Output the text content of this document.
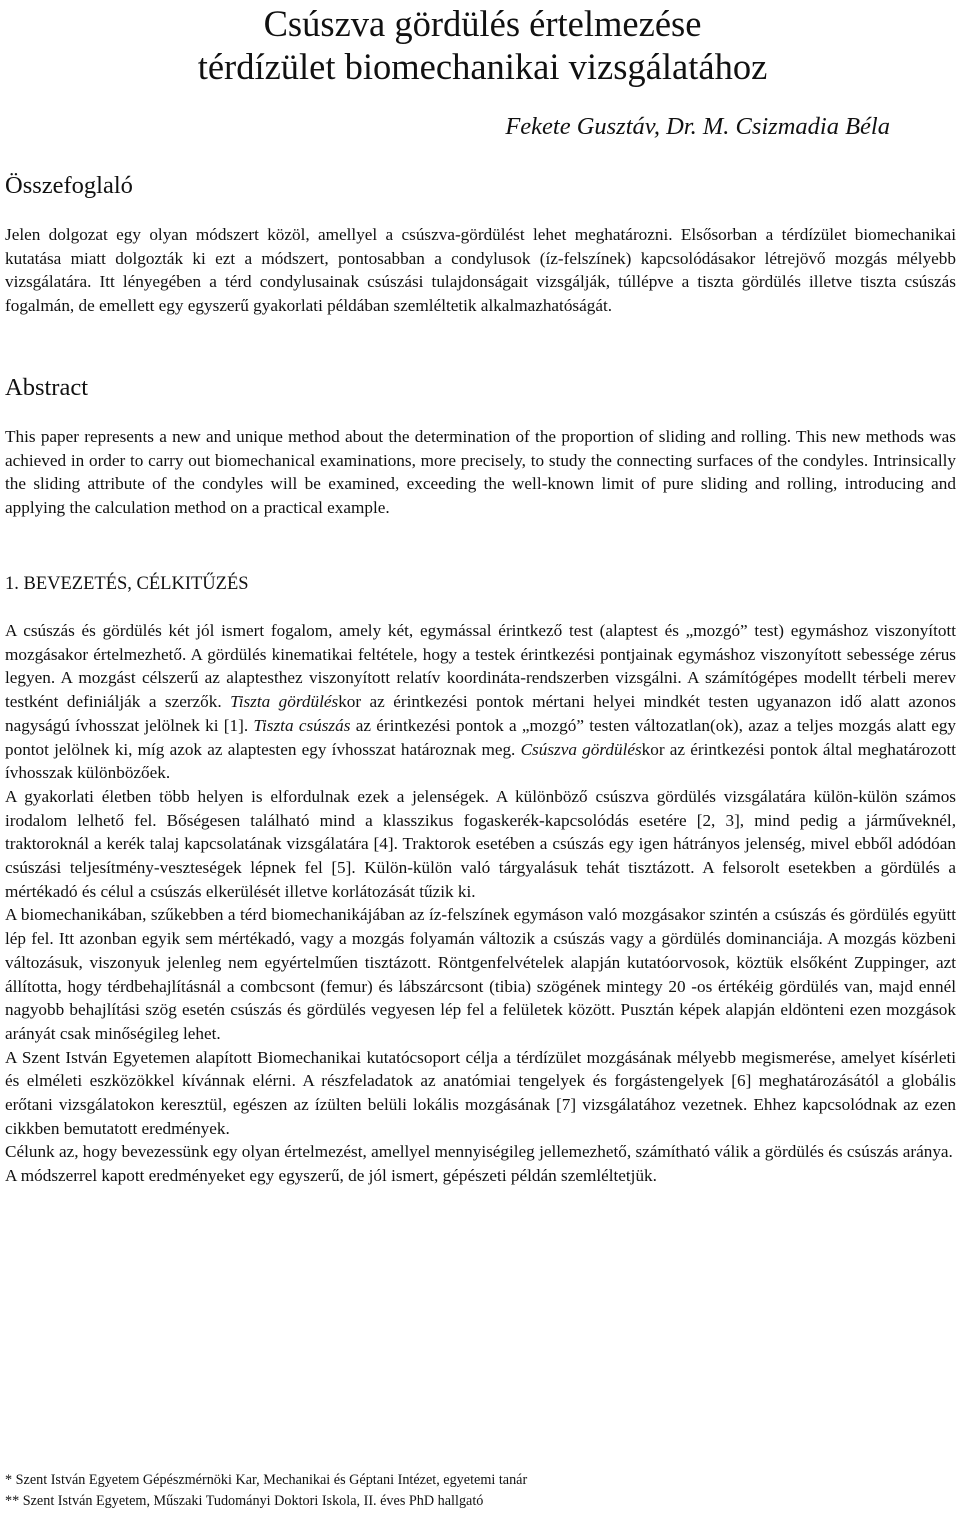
Csúszva gördülés értelmezése
térdízület biomechanikai vizsgálatához
Fekete Gusztáv, Dr. M. Csizmadia Béla
Összefoglaló
Jelen dolgozat egy olyan módszert közöl, amellyel a csúszva-gördülést lehet meghatározni. Elsősorban a térdízület biomechanikai kutatása miatt dolgozták ki ezt a módszert, pontosabban a condylusok (íz-felszínek) kapcsolódásakor létrejövő mozgás mélyebb vizsgálatára. Itt lényegében a térd condylusainak csúszási tulajdonságait vizsgálják, túllépve a tiszta gördülés illetve tiszta csúszás fogalmán, de emellett egy egyszerű gyakorlati példában szemléltetik alkalmazhatóságát.
Abstract
This paper represents a new and unique method about the determination of the proportion of sliding and rolling. This new methods was achieved in order to carry out biomechanical examinations, more precisely, to study the connecting surfaces of the condyles. Intrinsically the sliding attribute of the condyles will be examined, exceeding the well-known limit of pure sliding and rolling, introducing and applying the calculation method on a practical example.
1. BEVEZETÉS, CÉLKITŰZÉS

A csúszás és gördülés két jól ismert fogalom, amely két, egymással érintkező test (alaptest és „mozgó” test) egymáshoz viszonyított mozgásakor értelmezhető. A gördülés kinematikai feltétele, hogy a testek érintkezési pontjainak egymáshoz viszonyított sebessége zérus legyen. A mozgást célszerű az alaptesthez viszonyított relatív koordináta-rendszerben vizsgálni. A számítógépes modellt térbeli merev testként definiálják a szerzők. Tiszta gördüléskor az érintkezési pontok mértani helyei mindkét testen ugyanazon idő alatt azonos nagyságú ívhosszat jelölnek ki [1]. Tiszta csúszás az érintkezési pontok a „mozgó” testen változatlan(ok), azaz a teljes mozgás alatt egy pontot jelölnek ki, míg azok az alaptesten egy ívhosszat határoznak meg. Csúszva gördüléskor az érintkezési pontok által meghatározott ívhosszak különbözőek.

A gyakorlati életben több helyen is elfordulnak ezek a jelenségek. A különböző csúszva gördülés vizsgálatára külön-külön számos irodalom lelhető fel. Bőségesen található mind a klasszikus fogaskerék-kapcsolódás esetére [2, 3], mind pedig a járműveknél, traktoroknál a kerék talaj kapcsolatának vizsgálatára [4]. Traktorok esetében a csúszás egy igen hátrányos jelenség, mivel ebből adódóan csúszási teljesítmény-veszteségek lépnek fel [5]. Külön-külön való tárgyalásuk tehát tisztázott. A felsorolt esetekben a gördülés a mértékadó és célul a csúszás elkerülését illetve korlátozását tűzik ki.

A biomechanikában, szűkebben a térd biomechanikájában az íz-felszínek egymáson való mozgásakor szintén a csúszás és gördülés együtt lép fel. Itt azonban egyik sem mértékadó, vagy a mozgás folyamán változik a csúszás vagy a gördülés dominanciája. A mozgás közbeni változásuk, viszonyuk jelenleg nem egyértelműen tisztázott. Röntgenfelvételek alapján kutatóorvosok, köztük elsőként Zuppinger, azt állította, hogy térdbehajlításnál a combcsont (femur) és lábszárcsont (tibia) szögének mintegy 20 -os értékéig gördülés van, majd ennél nagyobb behajlítási szög esetén csúszás és gördülés vegyesen lép fel a felületek között. Pusztán képek alapján eldönteni ezen mozgások arányát csak minőségileg lehet.

A Szent István Egyetemen alapított Biomechanikai kutatócsoport célja a térdízület mozgásának mélyebb megismerése, amelyet kísérleti és elméleti eszközökkel kívánnak elérni. A részfeladatok az anatómiai tengelyek és forgástengelyek [6] meghatározásától a globális erőtani vizsgálatokon keresztül, egészen az ízülten belüli lokális mozgásának [7] vizsgálatához vezetnek. Ehhez kapcsolódnak az ezen cikkben bemutatott eredmények.

Célunk az, hogy bevezessünk egy olyan értelmezést, amellyel mennyiségileg jellemezhető, számítható válik a gördülés és csúszás aránya.

A módszerrel kapott eredményeket egy egyszerű, de jól ismert, gépészeti példán szemléltetjük.

* Szent István Egyetem Gépészmérnöki Kar, Mechanikai és Géptani Intézet, egyetemi tanár
** Szent István Egyetem, Műszaki Tudományi Doktori Iskola, II. éves PhD hallgató
